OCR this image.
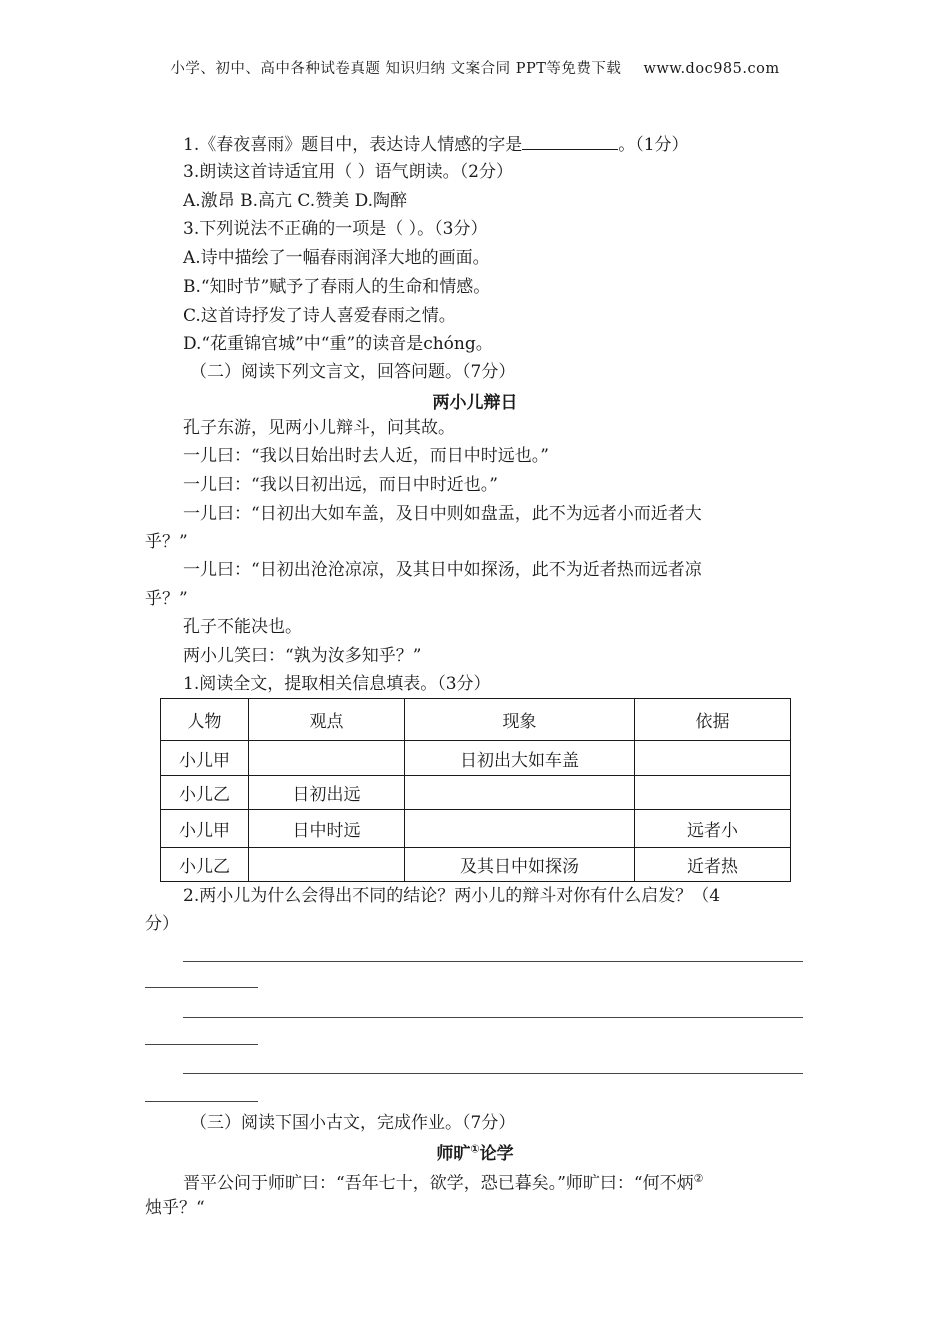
小学、初中、高中各种试卷真题 知识归纳 文案合同 PPT等免费下载 www.doc985.com
1.《春夜喜雨》题目中，表达诗人情感的字是	。（1分）
3.朗读这首诗适宜用（ ）语气朗读。（2分）
A.激昂 B.高亢 C.赞美 D.陶醉
3.下列说法不正确的一项是（ ）。（3分）
A.诗中描绘了一幅春雨润泽大地的画面。
B.“知时节”赋予了春雨人的生命和情感。
C.这首诗抒发了诗人喜爱春雨之情。
D.“花重锦官城”中“重”的读音是chóng。
（二）阅读下列文言文，回答问题。（7分）
两小儿辩日
孔子东游，见两小儿辩斗，问其故。
一儿曰：“我以日始出时去人近，而日中时远也。”
一儿曰：“我以日初出远，而日中时近也。”
一儿曰：“日初出大如车盖，及日中则如盘盂，此不为远者小而近者大
乎？”
一儿曰：“日初出沧沧凉凉，及其日中如探汤，此不为近者热而远者凉
乎？”
孔子不能决也。
两小儿笑曰：“孰为汝多知乎？”
1.阅读全文，提取相关信息填表。（3分）
人物	观点	现象	依据
小儿甲		日初出大如车盖	
小儿乙	日初出远		
小儿甲	日中时远		远者小
小儿乙		及其日中如探汤	近者热
2.两小儿为什么会得出不同的结论？两小儿的辩斗对你有什么启发？（4
分）
（三）阅读下国小古文，完成作业。（7分）
师旷①论学
晋平公问于师旷曰：“吾年七十，欲学，恐已暮矣。”师旷曰：“何不炳②
烛乎？“
